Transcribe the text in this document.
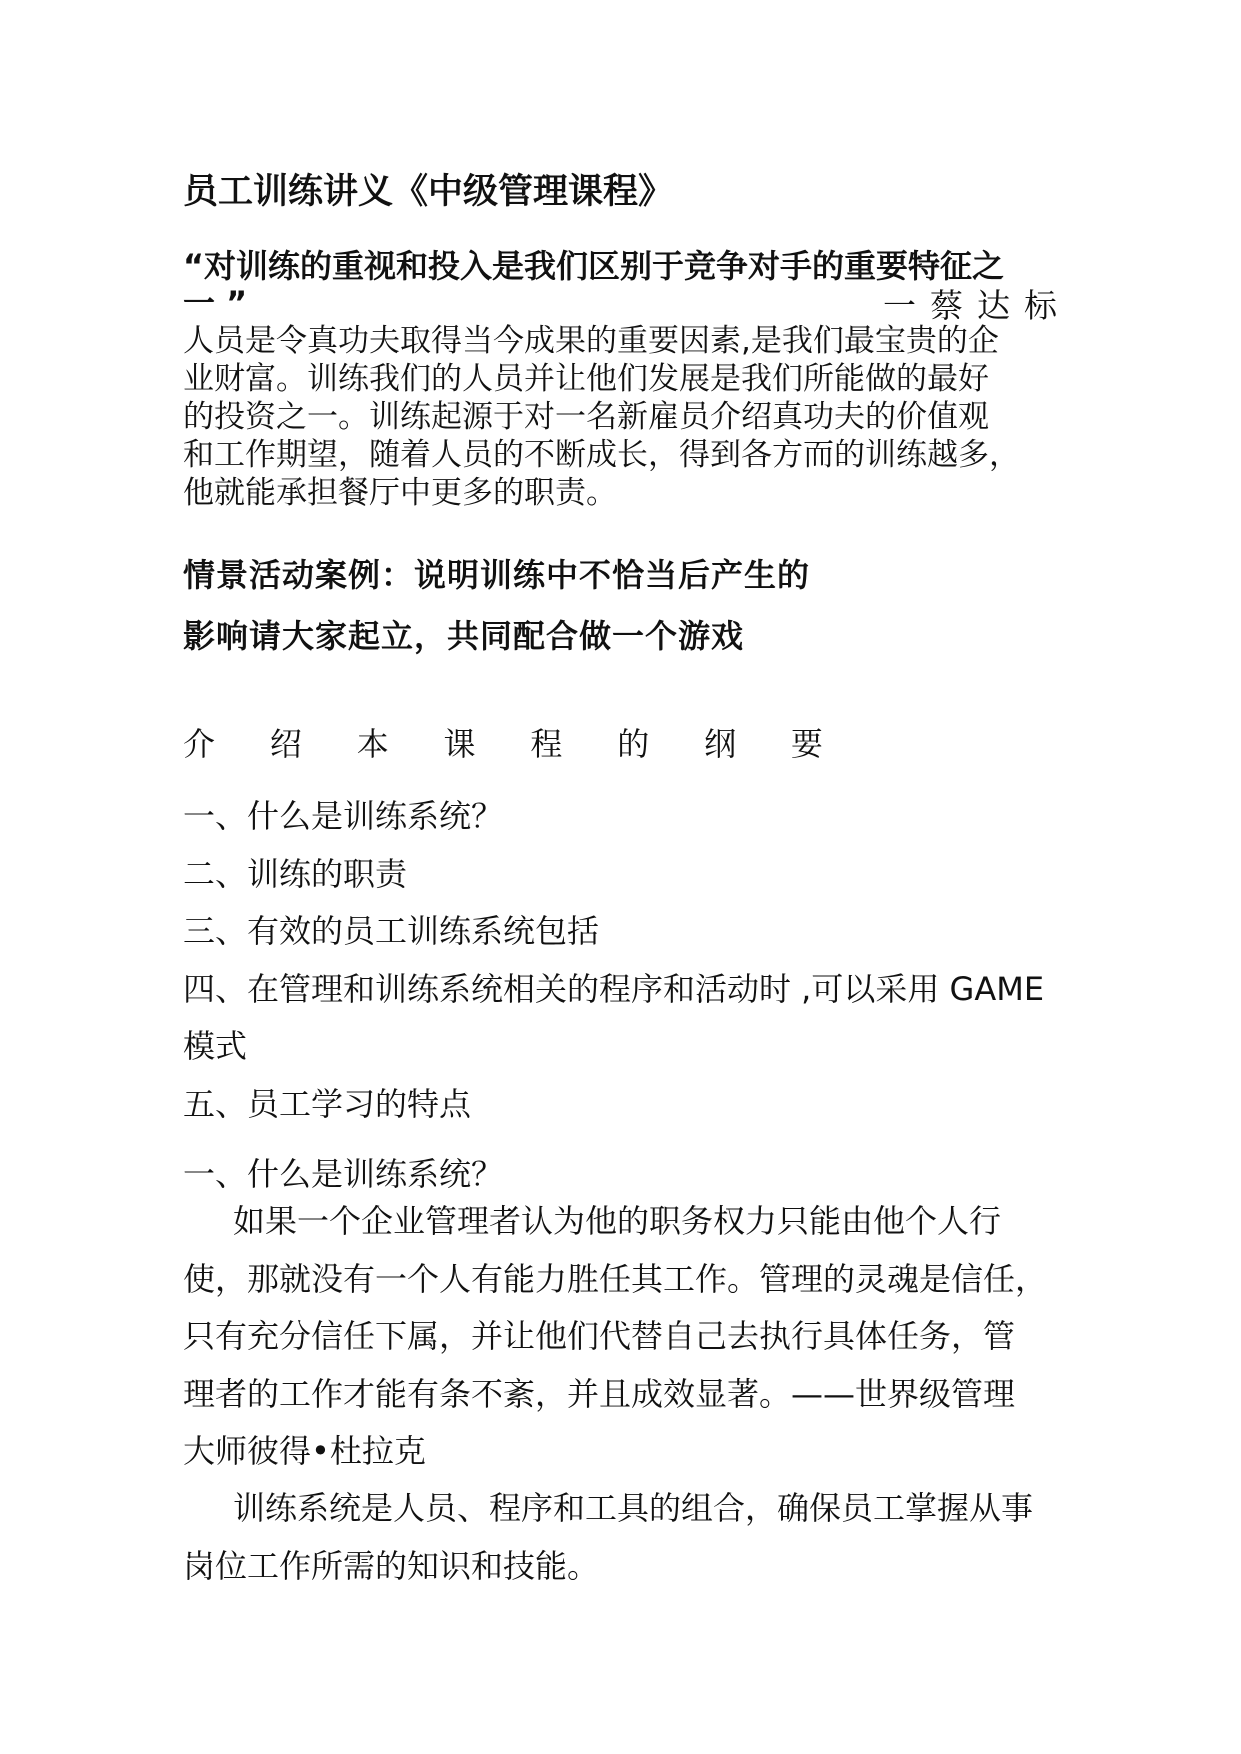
员工训练讲义《中级管理课程》
“对训练的重视和投入是我们区别于竞争对手的重要特征之
一 ”	一蔡达标

人员是令真功夫取得当今成果的重要因素,是我们最宝贵的企

业财富。训练我们的人员并让他们发展是我们所能做的最好

的投资之一。训练起源于对一名新雇员介绍真功夫的价值观

和工作期望，随着人员的不断成长，得到各方而的训练越多，

他就能承担餐厅中更多的职责。

情景活动案例：说明训练中不恰当后产生的
影响请大家起立，共同配合做一个游戏
介 绍 本 课 程 的 纲 要
一、什么是训练系统？
二、训练的职责
三、有效的员工训练系统包括
四、在管理和训练系统相关的程序和活动时 ,可以采用 GAME
模式
五、员工学习的特点
一、什么是训练系统？
如果一个企业管理者认为他的职务权力只能由他个人行
使，那就没有一个人有能力胜任其工作。管理的灵魂是信任，
只有充分信任下属，并让他们代替自己去执行具体任务，管
理者的工作才能有条不紊，并且成效显著。——世界级管理
大师彼得•杜拉克
训练系统是人员、程序和工具的组合，确保员工掌握从事
岗位工作所需的知识和技能。
